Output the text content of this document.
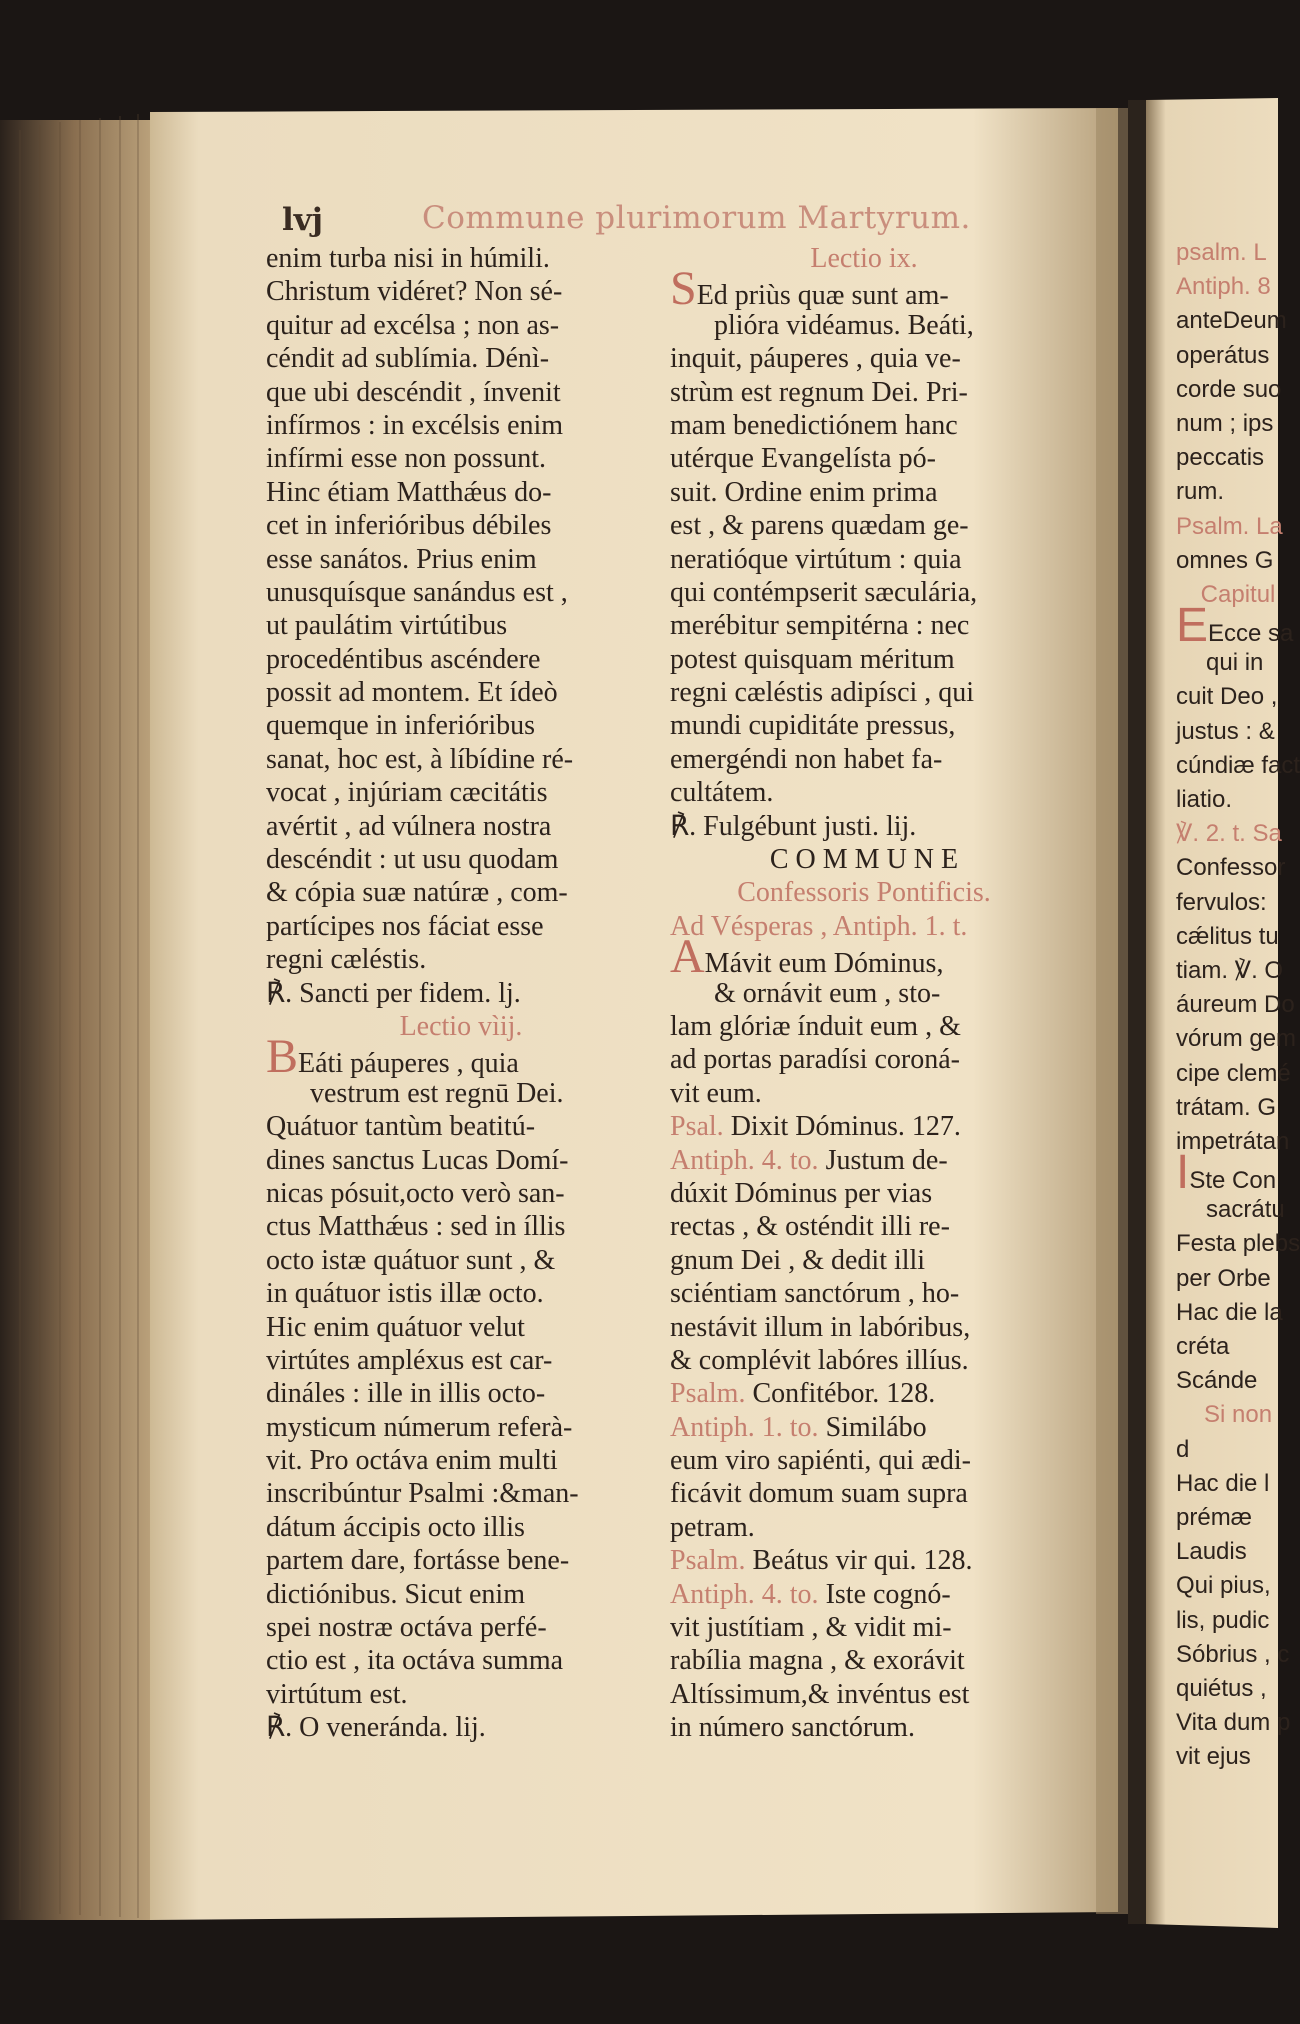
lvj	Commune plurimorum Martyrum.
enim turba nisi in húmili.
Christum vidéret? Non sé-
quitur ad excélsa ; non as-
céndit ad sublímia. Dénì-
que ubi descéndit , ínvenit
infírmos : in excélsis enim
infírmi esse non possunt.
Hinc étiam Matthǽus do-
cet in inferióribus débiles
esse sanátos. Prius enim
unusquísque sanándus est ,
ut paulátim virtútibus
procedéntibus ascéndere
possit ad montem. Et ídeò
quemque in inferióribus
sanat, hoc est, à líbídine ré-
vocat , injúriam cæcitátis
avértit , ad vúlnera nostra
descéndit : ut usu quodam
& cópia suæ natúræ , com-
partícipes nos fáciat esse
regni cæléstis.
℟. Sancti per fidem. lj.
Lectio vìij.
BEáti páuperes , quia
vestrum est regnū Dei.
Quátuor tantùm beatitú-
dines sanctus Lucas Domí-
nicas pósuit,octo verò san-
ctus Matthǽus : sed in íllis
octo istæ quátuor sunt , &
in quátuor istis illæ octo.
Hic enim quátuor velut
virtútes ampléxus est car-
dináles : ille in illis octo-
mysticum númerum referà-
vit. Pro octáva enim multi
inscribúntur Psalmi :&man-
dátum áccipis octo illis
partem dare, fortásse bene-
dictiónibus. Sicut enim
spei nostræ octáva perfé-
ctio est , ita octáva summa
virtútum est.
℟. O veneránda. lij.
Lectio ix.
SEd priùs quæ sunt am-
plióra vidéamus. Beáti,
inquit, páuperes , quia ve-
strùm est regnum Dei. Pri-
mam benedictiónem hanc
utérque Evangelísta pó-
suit. Ordine enim prima
est , & parens quædam ge-
neratióque virtútum : quia
qui contémpserit sæculária,
merébitur sempitérna : nec
potest quisquam méritum
regni cæléstis adipísci , qui
mundi cupiditáte pressus,
emergéndi non habet fa-
cultátem.
℟. Fulgébunt justi. lij.
C O M M U N E
Confessoris Pontificis.
Ad Vésperas , Antiph. 1. t.
AMávit eum Dóminus,
& ornávit eum , sto-
lam glóriæ índuit eum , &
ad portas paradísi coroná-
vit eum.
Psal. Dixit Dóminus. 127.
Antiph. 4. to. Justum de-
dúxit Dóminus per vias
rectas , & osténdit illi re-
gnum Dei , & dedit illi
sciéntiam sanctórum , ho-
nestávit illum in labóribus,
& complévit labóres illíus.
Psalm. Confitébor. 128.
Antiph. 1. to. Similábo
eum viro sapiénti, qui ædi-
ficávit domum suam supra
petram.
Psalm. Beátus vir qui. 128.
Antiph. 4. to. Iste cognó-
vit justítiam , & vidit mi-
rabília magna , & exorávit
Altíssimum,& invéntus est
in número sanctórum.
psalm. L
Antiph. 8
anteDeum
operátus
corde suo
num ; ips
peccatis
rum.
Psalm. La
omnes G
Capitul
EEcce sa
qui in
cuit Deo ,
justus : &
cúndiæ fact
liatio.
℣. 2. t. Sa
Confessor
fervulos:
cǽlitus tu
tiam. ℣. O
áureum Do
vórum gem
cipe clemé
trátam. G
impetrátan
ISte Con
sacrátu
Festa plebs
per Orbe
Hac die la
créta
Scánde
Si non
d
Hac die l
prémæ
Laudis
Qui pius,
lis, pudic
Sóbrius , c
quiétus ,
Vita dum p
vit ejus
